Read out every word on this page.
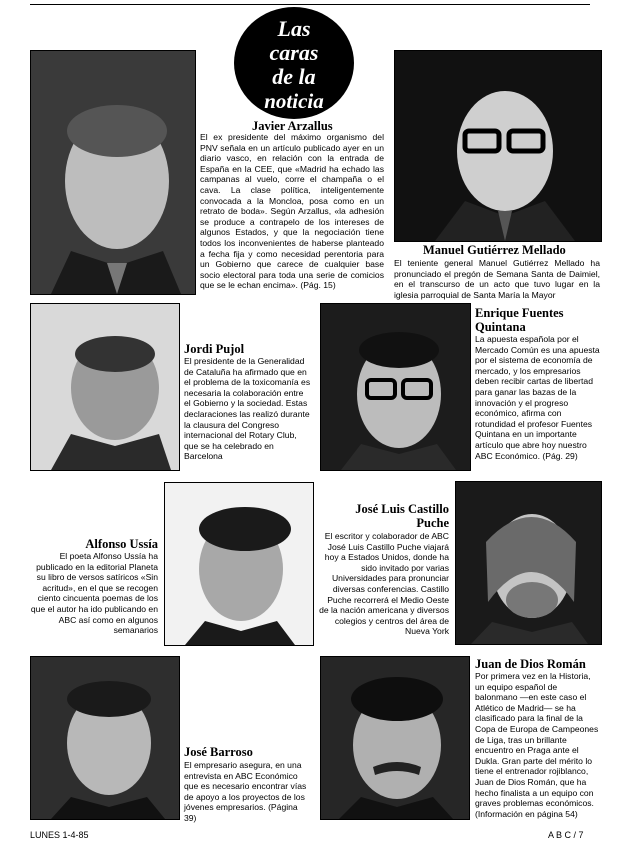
Las
caras
de la
noticia
Javier Arzallus
El ex presidente del máximo organismo del PNV señala en un artículo publicado ayer en un diario vasco, en relación con la entrada de España en la CEE, que «Madrid ha echado las campanas al vuelo, corre el champaña o el cava. La clase política, inteligentemente convocada a la Moncloa, posa como en un retrato de boda». Según Arzallus, «la adhesión se produce a contrapelo de los intereses de algunos Estados, y que la negociación tiene todos los inconvenientes de haberse planteado a fecha fija y como necesidad perentoria para un Gobierno que carece de cualquier base socio electoral para toda una serie de comicios que se le echan encima». (Pág. 15)
Manuel Gutiérrez Mellado
El teniente general Manuel Gutiérrez Mellado ha pronunciado el pregón de Semana Santa de Daimiel, en el transcurso de un acto que tuvo lugar en la iglesia parroquial de Santa María la Mayor
Jordi Pujol
El presidente de la Generalidad de Cataluña ha afirmado que en el problema de la toxicomanía es necesaria la colaboración entre el Gobierno y la sociedad. Estas declaraciones las realizó durante la clausura del Congreso internacional del Rotary Club, que se ha celebrado en Barcelona
Enrique Fuentes Quintana
La apuesta española por el Mercado Común es una apuesta por el sistema de economía de mercado, y los empresarios deben recibir cartas de libertad para ganar las bazas de la innovación y el progreso económico, afirma con rotundidad el profesor Fuentes Quintana en un importante artículo que abre hoy nuestro ABC Económico. (Pág. 29)
Alfonso Ussía
El poeta Alfonso Ussía ha publicado en la editorial Planeta su libro de versos satíricos «Sin acritud», en el que se recogen ciento cincuenta poemas de los que el autor ha ido publicando en ABC así como en algunos semanarios
José Luis Castillo Puche
El escritor y colaborador de ABC José Luis Castillo Puche viajará hoy a Estados Unidos, donde ha sido invitado por varias Universidades para pronunciar diversas conferencias. Castillo Puche recorrerá el Medio Oeste de la nación americana y diversos colegios y centros del área de Nueva York
José Barroso
El empresario asegura, en una entrevista en ABC Económico que es necesario encontrar vías de apoyo a los proyectos de los jóvenes empresarios. (Página 39)
Juan de Dios Román
Por primera vez en la Historia, un equipo español de balonmano —en este caso el Atlético de Madrid— se ha clasificado para la final de la Copa de Europa de Campeones de Liga, tras un brillante encuentro en Praga ante el Dukla. Gran parte del mérito lo tiene el entrenador rojiblanco, Juan de Dios Román, que ha hecho finalista a un equipo con graves problemas económicos. (Información en página 54)
LUNES 1-4-85	A B C / 7
